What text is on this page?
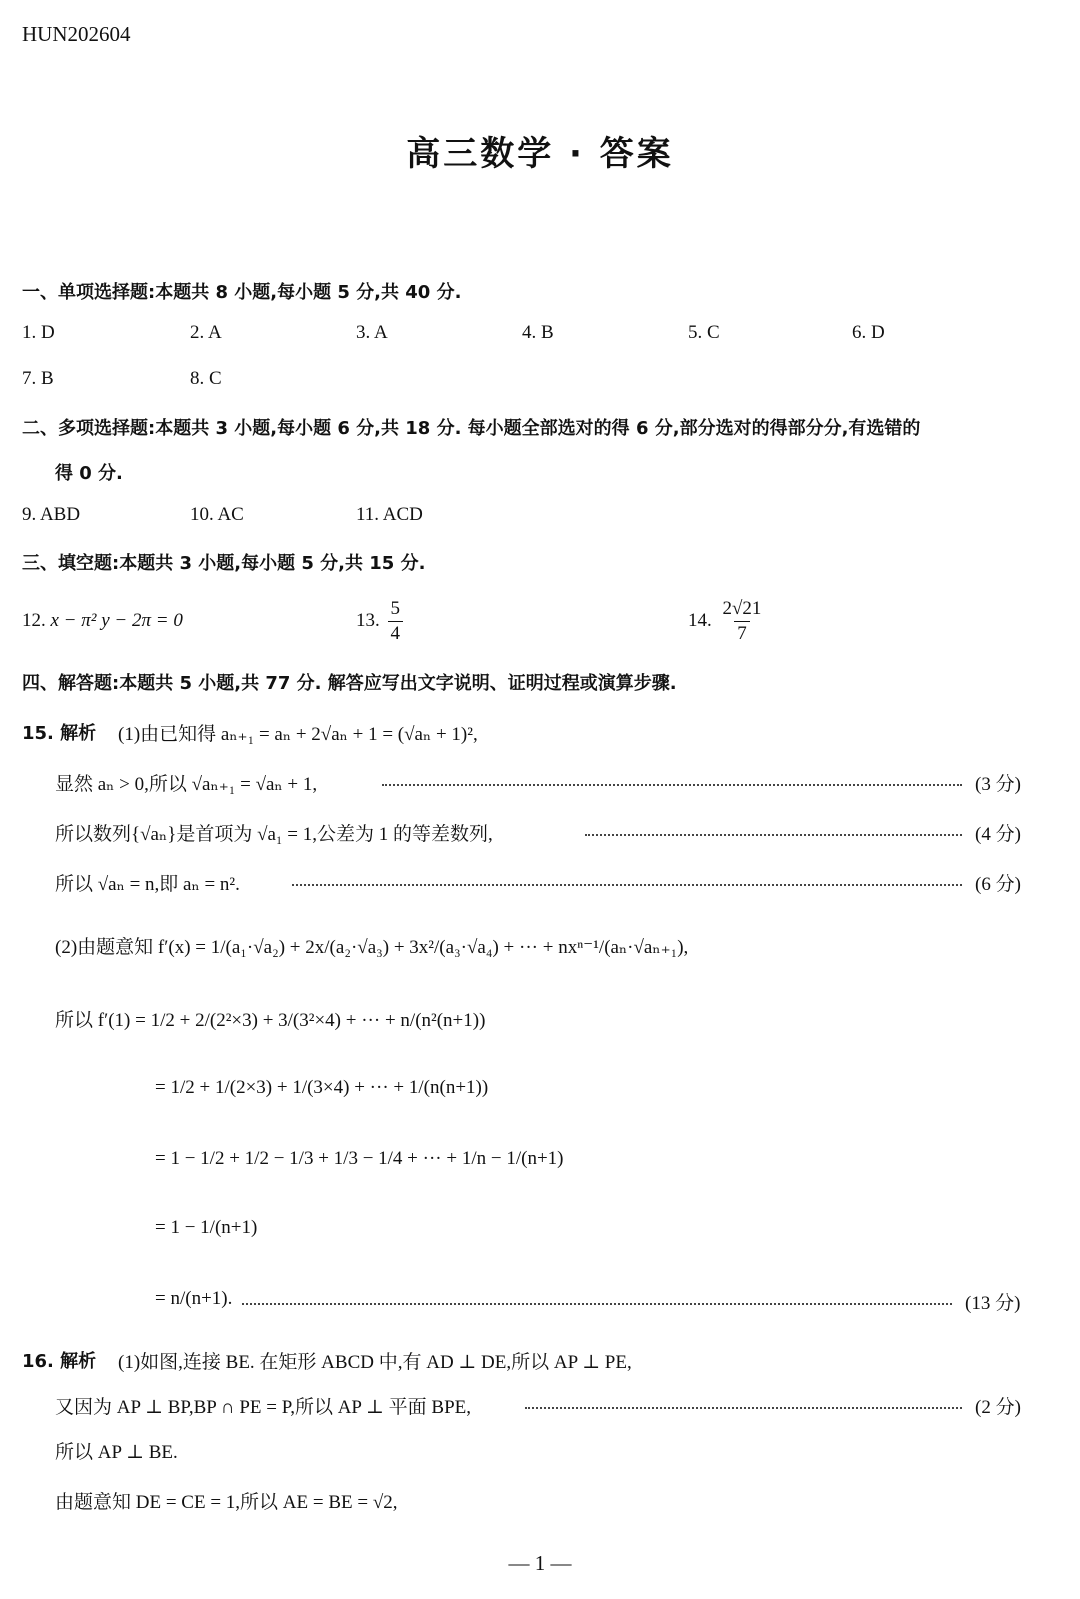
HUN202604
高三数学 · 答案
一、单项选择题:本题共 8 小题,每小题 5 分,共 40 分.
1. D	2. A	3. A	4. B	5. C	6. D
7. B	8. C
二、多项选择题:本题共 3 小题,每小题 6 分,共 18 分. 每小题全部选对的得 6 分,部分选对的得部分分,有选错的
得 0 分.
9. ABD	10. AC	11. ACD
三、填空题:本题共 3 小题,每小题 5 分,共 15 分.
12. x − π² y − 2π = 0	13. $\frac{5}{4}$	14. $\frac{2√21}{7}$
四、解答题:本题共 5 小题,共 77 分. 解答应写出文字说明、证明过程或演算步骤.
15. 解析 (1)由已知得 aₙ₊₁ = aₙ + 2√aₙ + 1 = (√aₙ + 1)²,
显然 aₙ > 0,所以 √aₙ₊₁ = √aₙ + 1,	(3 分)
所以数列{√aₙ}是首项为 √a₁ = 1,公差为 1 的等差数列,	(4 分)
所以 √aₙ = n,即 aₙ = n².	(6 分)
(2)由题意知 f′(x) = 1/(a₁·√a₂) + 2x/(a₂·√a₃) + 3x²/(a₃·√a₄) + ··· + nxⁿ⁻¹/(aₙ·√aₙ₊₁),
所以 f′(1) = 1/2 + 2/(2²×3) + 3/(3²×4) + ··· + n/(n²(n+1))
= 1/2 + 1/(2×3) + 1/(3×4) + ··· + 1/(n(n+1))
= 1 − 1/2 + 1/2 − 1/3 + 1/3 − 1/4 + ··· + 1/n − 1/(n+1)
= 1 − 1/(n+1)
= n/(n+1).	(13 分)
16. 解析 (1)如图,连接 BE. 在矩形 ABCD 中,有 AD ⊥ DE,所以 AP ⊥ PE,
又因为 AP ⊥ BP,BP ∩ PE = P,所以 AP ⊥ 平面 BPE,	(2 分)
所以 AP ⊥ BE.
由题意知 DE = CE = 1,所以 AE = BE = √2,
— 1 —
